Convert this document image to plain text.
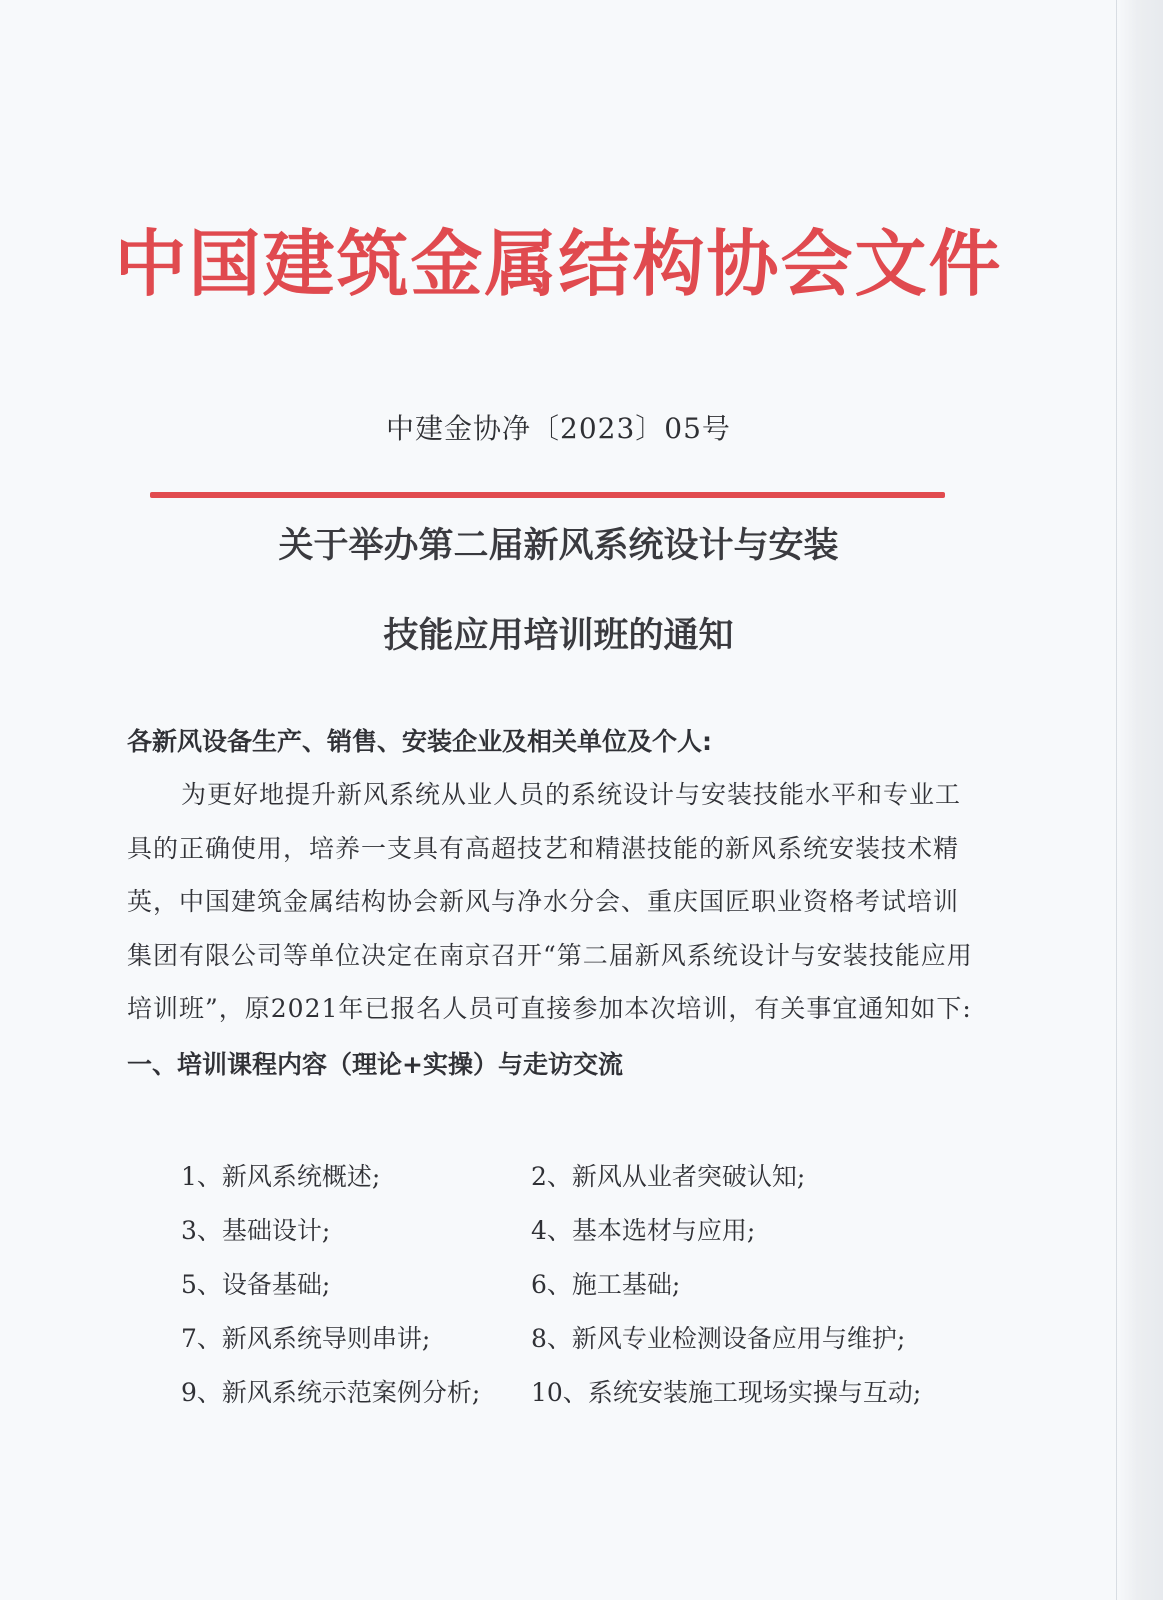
中国建筑金属结构协会文件
中建金协净〔2023〕05号
关于举办第二届新风系统设计与安装
技能应用培训班的通知
各新风设备生产、销售、安装企业及相关单位及个人:

为更好地提升新风系统从业人员的系统设计与安装技能水平和专业工具的正确使用，培养一支具有高超技艺和精湛技能的新风系统安装技术精英，中国建筑金属结构协会新风与净水分会、重庆国匠职业资格考试培训集团有限公司等单位决定在南京召开“第二届新风系统设计与安装技能应用培训班”，原2021年已报名人员可直接参加本次培训，有关事宜通知如下:

一、培训课程内容（理论+实操）与走访交流
1、新风系统概述;	2、新风从业者突破认知;
3、基础设计;	4、基本选材与应用;
5、设备基础;	6、施工基础;
7、新风系统导则串讲;	8、新风专业检测设备应用与维护;
9、新风系统示范案例分析;	10、系统安装施工现场实操与互动;
